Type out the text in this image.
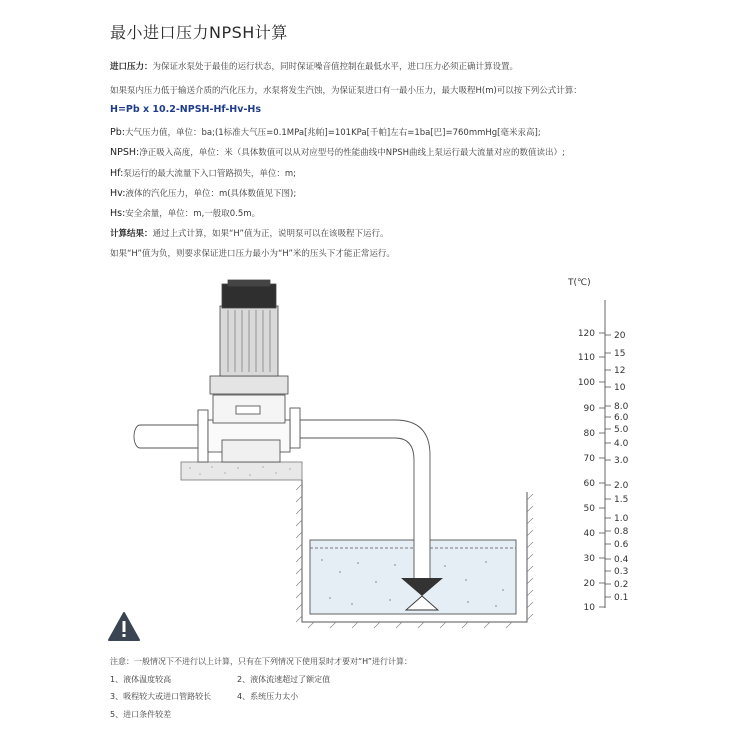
最小进口压力NPSH计算
进口压力：为保证水泵处于最佳的运行状态，同时保证噪音值控制在最低水平，进口压力必须正确计算设置。
如果泵内压力低于输送介质的汽化压力，水泵将发生汽蚀，为保证泵进口有一最小压力，最大吸程H(m)可以按下列公式计算：
H=Pb x 10.2-NPSH-Hf-Hv-Hs
Pb:大气压力值，单位：ba;(1标准大气压=0.1MPa[兆帕]=101KPa[千帕]左右=1ba[巴]=760mmHg[毫米汞高];
NPSH:净正吸入高度，单位：米（具体数值可以从对应型号的性能曲线中NPSH曲线上泵运行最大流量对应的数值读出）;
Hf:泵运行的最大流量下入口管路损失，单位：m;
Hv:液体的汽化压力，单位：m(具体数值见下图);
Hs:安全余量，单位：m,一般取0.5m。
计算结果：通过上式计算，如果“H”值为正，说明泵可以在该吸程下运行。
如果“H”值为负，则要求保证进口压力最小为“H”米的压头下才能正常运行。
120
110
100
90
80
70
60
50
40
30
20
10
20
15
12
10
8.0
6.0
5.0
4.0
3.0
2.0
1.5
1.0
0.8
0.6
0.4
0.3
0.2
0.1
T(℃)
注意：一般情况下不进行以上计算，只有在下列情况下使用泵时才要对“H”进行计算：
1、液体温度较高	2、液体流速超过了额定值
3、吸程较大或进口管路较长	4、系统压力太小
5、进口条件较差
